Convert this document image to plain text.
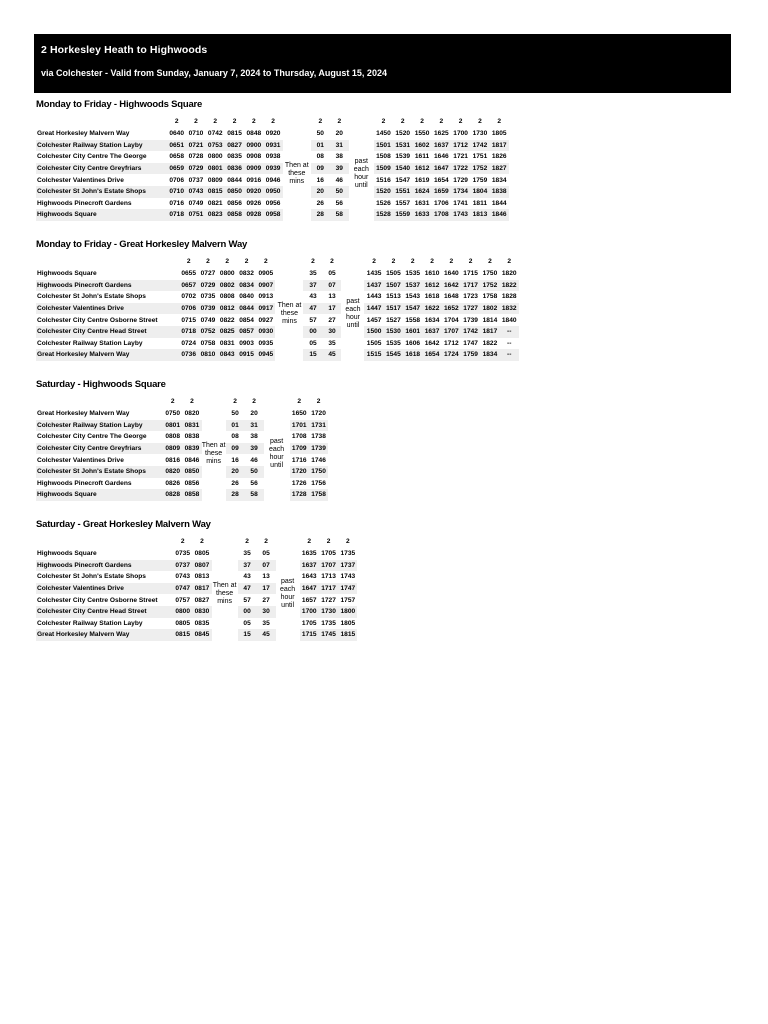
2 Horkesley Heath to Highwoods
via Colchester - Valid from Sunday, January 7, 2024 to Thursday, August 15, 2024
Monday to Friday - Highwoods Square
	2	2	2	2	2	2		2	2		2	2	2	2	2	2	2
Great Horkesley Malvern Way	0640	0710	0742	0815	0848	0920	Then at these mins	50	20	past each hour until	1450	1520	1550	1625	1700	1730	1805
Colchester Railway Station Layby	0651	0721	0753	0827	0900	0931		01	31		1501	1531	1602	1637	1712	1742	1817
Colchester City Centre The George	0658	0728	0800	0835	0908	0938		08	38		1508	1539	1611	1646	1721	1751	1826
Colchester City Centre Greyfriars	0659	0729	0801	0836	0909	0939		09	39		1509	1540	1612	1647	1722	1752	1827
Colchester Valentines Drive	0706	0737	0809	0844	0916	0946		16	46		1516	1547	1619	1654	1729	1759	1834
Colchester St John's Estate Shops	0710	0743	0815	0850	0920	0950		20	50		1520	1551	1624	1659	1734	1804	1838
Highwoods Pinecroft Gardens	0716	0749	0821	0856	0926	0956		26	56		1526	1557	1631	1706	1741	1811	1844
Highwoods Square	0718	0751	0823	0858	0928	0958		28	58		1528	1559	1633	1708	1743	1813	1846
Monday to Friday - Great Horkesley Malvern Way
	2	2	2	2	2		2	2		2	2	2	2	2	2	2	2
Highwoods Square	0655	0727	0800	0832	0905	Then at these mins	35	05	past each hour until	1435	1505	1535	1610	1640	1715	1750	1820
Highwoods Pinecroft Gardens	0657	0729	0802	0834	0907		37	07		1437	1507	1537	1612	1642	1717	1752	1822
Colchester St John's Estate Shops	0702	0735	0808	0840	0913		43	13		1443	1513	1543	1618	1648	1723	1758	1828
Colchester Valentines Drive	0706	0739	0812	0844	0917		47	17		1447	1517	1547	1622	1652	1727	1802	1832
Colchester City Centre Osborne Street	0715	0749	0822	0854	0927		57	27		1457	1527	1558	1634	1704	1739	1814	1840
Colchester City Centre Head Street	0718	0752	0825	0857	0930		00	30		1500	1530	1601	1637	1707	1742	1817	--
Colchester Railway Station Layby	0724	0758	0831	0903	0935		05	35		1505	1535	1606	1642	1712	1747	1822	--
Great Horkesley Malvern Way	0736	0810	0843	0915	0945		15	45		1515	1545	1618	1654	1724	1759	1834	--
Saturday - Highwoods Square
	2	2		2	2		2	2
Great Horkesley Malvern Way	0750	0820	Then at these mins	50	20	past each hour until	1650	1720
Colchester Railway Station Layby	0801	0831		01	31		1701	1731
Colchester City Centre The George	0808	0838		08	38		1708	1738
Colchester City Centre Greyfriars	0809	0839		09	39		1709	1739
Colchester Valentines Drive	0816	0846		16	46		1716	1746
Colchester St John's Estate Shops	0820	0850		20	50		1720	1750
Highwoods Pinecroft Gardens	0826	0856		26	56		1726	1756
Highwoods Square	0828	0858		28	58		1728	1758
Saturday - Great Horkesley Malvern Way
	2	2		2	2		2	2	2
Highwoods Square	0735	0805	Then at these mins	35	05	past each hour until	1635	1705	1735
Highwoods Pinecroft Gardens	0737	0807		37	07		1637	1707	1737
Colchester St John's Estate Shops	0743	0813		43	13		1643	1713	1743
Colchester Valentines Drive	0747	0817		47	17		1647	1717	1747
Colchester City Centre Osborne Street	0757	0827		57	27		1657	1727	1757
Colchester City Centre Head Street	0800	0830		00	30		1700	1730	1800
Colchester Railway Station Layby	0805	0835		05	35		1705	1735	1805
Great Horkesley Malvern Way	0815	0845		15	45		1715	1745	1815
